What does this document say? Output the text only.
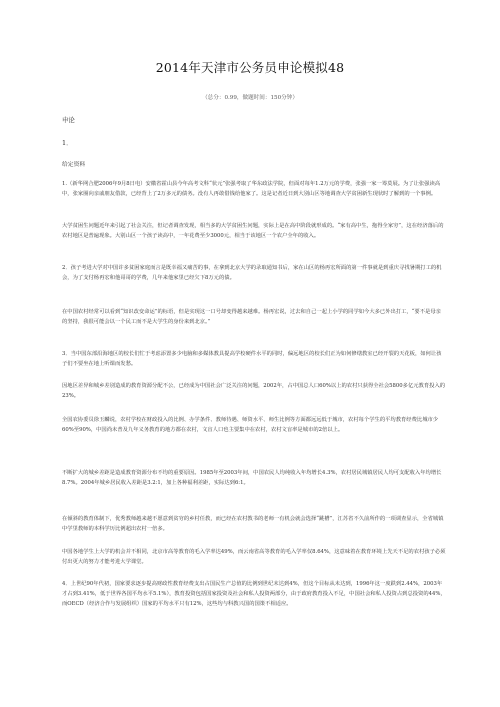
2014年天津市公务员申论模拟48
（总分：0.99，做题时间：150分钟）
申论
1．
给定资料

1.（新华网合肥2006年9月8日电）安徽省霍山县今年高考文科“状元”张强考取了华东政法学院，但面对每年1.2万元的学费，张强一家一筹莫展。为了让张强读高中，张家圈向亲戚朋友借款，已经背上了2万多元的债务。没有人再敢借钱给他家了。这是记者近日到大别山区等地调查大学贫困新生现状时了解到的一个事例。

大学贫困生问题近年来引起了社会关注，但记者调查发现，相当多的大学贫困生问题，实际上是在高中阶段就形成的。“家有高中生，拖得全家穷”，这在经济落后的农村地区是普遍现象。大别山区一个孩子读高中，一年花费至少3000元，相当于该地区一个农户全年的收入。

2．孩子考进大学对中国许多贫困家庭而言是既幸福又痛苦的事，在拿到北京大学的录取通知书后，家在山区的杨再宏所面的第一件事就是到重庆寻找暑期打工的机会，为了支付杨再宏和他哥哥的学费，几年来他家里已经欠下8万元的债。

在中国农村经常可以看到“知识改变命运”的标语，但是实现这一口号却变得越来越难。杨再宏说，过去和自己一起上小学的同学如今大多已外出打工，“要不是母亲的坚持，我很可能会以一个民工而不是大学生的身份来到北京。”

3．当中国东部沿海地区的校长们忙于考虑添置多少电脑和多媒体教具提高学校硬件水平的同时，偏远地区的校长们正为如何修缮教室已经开裂的天花板，如何让孩子们不要坐在地上听课而发愁。

因地区差异和城乡差别造成的教育资源分配不公，已经成为中国社会广泛关注的问题，2002年，占中国总人口60%以上的农村只获得全社会5800多亿元教育投入的23%。

全国农协委员徐玉麟说，农村学校在财政投入的比例、办学条件、教师待遇、师资水平、师生比例等方面都远远低于城市，农村每个学生的平均教育经费比城市少60%至90%，中国尚未普及九年义务教育的地方都在农村，文盲人口也主要集中在农村，农村文盲率是城市的2倍以上。

不断扩大的城乡差距是造成教育资源分布不均的重要原因。1985年至2003年间，中国农民人均纯收入年均增长4.3%，农村居民城镇居民人均可支配收入年均增长8.7%。2004年城乡居民收入差距是3.2:1，加上各种福利差距，实际达到6:1。

在倾斜的教育体制下，优秀教师越来越不愿意到贫穷的乡村任教，而已经在农村教书的老师一有机会就会选择“跳槽”，江苏省不久前所作的一项调查显示，全省城镇中学里教师的本科学历比例超出农村一倍多。

中国各地学生上大学的机会并不相同，北京市高等教育的毛入学率达49%，而云南省高等教育的毛入学率仅8.64%，这意味着在教育环境上先天不足的农村孩子必须付出更大的努力才能考进大学课堂。

4．上世纪90年代初，国家要求逐步提高财政性教育经费支出占国民生产总值的比例到世纪末达到4%，但这个目标从未达到，1996年这一度跌到2.44%，2003年才占到3.41%，低于世界各国平均水平5.1%），教育投资包括国家投资及社会和私人投资两部分，由于政府教育投入不足，中国社会和私人投资占到总投资的44%，而OECD（经济合作与发展组织）国家的平均水平只有12%，这些均与科教兴国的国策不相适应。
